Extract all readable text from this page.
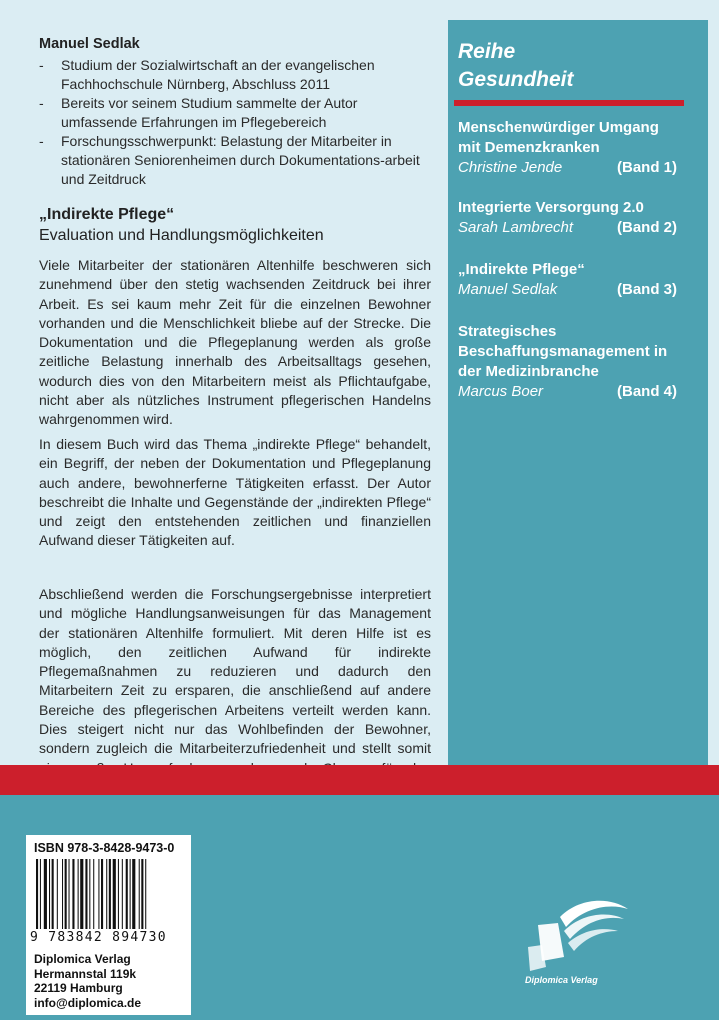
Manuel Sedlak
- Studium der Sozialwirtschaft an der evangelischen Fachhochschule Nürnberg, Abschluss 2011
- Bereits vor seinem Studium sammelte der Autor umfassende Erfahrungen im Pflegebereich
- Forschungsschwerpunkt: Belastung der Mitarbeiter in stationären Seniorenheimen durch Dokumentations-arbeit und Zeitdruck
„Indirekte Pflege“
Evaluation und Handlungsmöglichkeiten

Viele Mitarbeiter der stationären Altenhilfe beschweren sich zunehmend über den stetig wachsenden Zeitdruck bei ihrer Arbeit. Es sei kaum mehr Zeit für die einzelnen Bewohner vorhanden und die Menschlichkeit bliebe auf der Strecke. Die Dokumentation und die Pflegeplanung werden als große zeitliche Belastung innerhalb des Arbeitsalltags gesehen, wodurch dies von den Mitarbeitern meist als Pflichtaufgabe, nicht aber als nützliches Instrument pflegerischen Handelns wahrgenommen wird.

In diesem Buch wird das Thema „indirekte Pflege“ behandelt, ein Begriff, der neben der Dokumentation und Pflegeplanung auch andere, bewohnerferne Tätigkeiten erfasst. Der Autor beschreibt die Inhalte und Gegenstände der „indirekten Pflege“ und zeigt den entstehenden zeitlichen und finanziellen Aufwand dieser Tätigkeiten auf.

Abschließend werden die Forschungsergebnisse interpretiert und mögliche Handlungsanweisungen für das Management der stationären Altenhilfe formuliert. Mit deren Hilfe ist es möglich, den zeitlichen Aufwand für indirekte Pflegemaßnahmen zu reduzieren und dadurch den Mitarbeitern Zeit zu ersparen, die anschließend auf andere Bereiche des pflegerischen Arbeitens verteilt werden kann. Dies steigert nicht nur das Wohlbefinden der Bewohner, sondern zugleich die Mitarbeiterzufriedenheit und stellt somit

Reihe
Gesundheit
Menschenwürdiger Umgang mit Demenzkranken
Christine Jende	(Band 1)
Integrierte Versorgung 2.0
Sarah Lambrecht	(Band 2)
„Indirekte Pflege“
Manuel Sedlak	(Band 3)
Strategisches Beschaffungsmanagement in der Medizinbranche
Marcus Boer	(Band 4)
ISBN 978-3-8428-9473-0
9 783842 894730
Diplomica Verlag
Hermannstal 119k
22119 Hamburg
info@diplomica.de
Diplomica Verlag
